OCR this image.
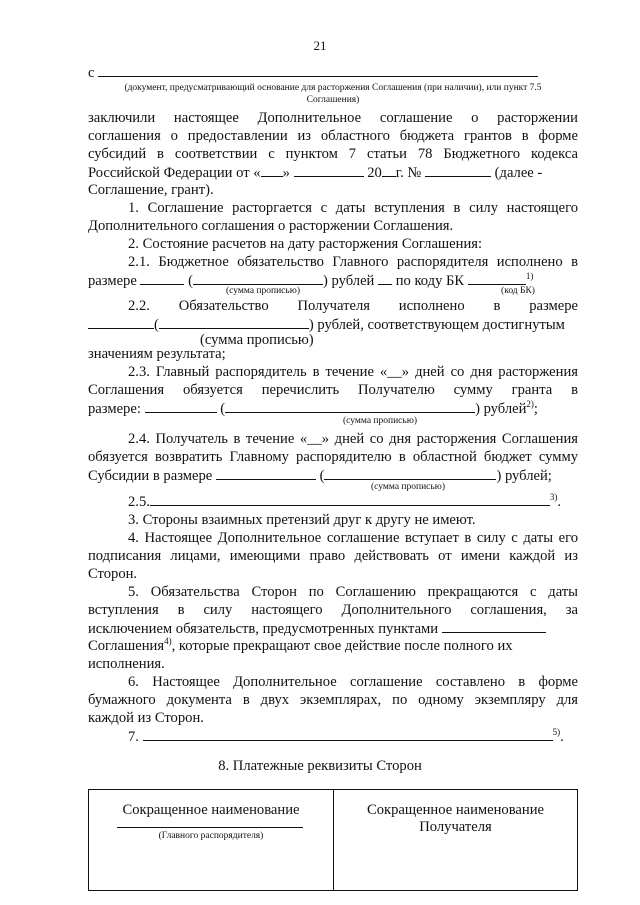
21
с
(документ, предусматривающий основание для расторжения Соглашения (при наличии), или пункт 7.5
Соглашения)
заключили настоящее Дополнительное соглашение о расторжении
соглашения о предоставлении из областного бюджета грантов в форме
субсидий в соответствии с пунктом 7 статьи 78 Бюджетного кодекса
Российской Федерации от « »	20 г. №	(далее -
Соглашение, грант).
1. Соглашение расторгается с даты вступления в силу настоящего
Дополнительного соглашения о расторжении Соглашения.
2. Состояние расчетов на дату расторжения Соглашения:
2.1. Бюджетное обязательство Главного распорядителя исполнено в
размере	(	) рублей по коду БК	$^{1)}$
(сумма прописью)	(код БК)
2.2. Обязательство Получателя исполнено в размере
(	) рублей, соответствующем достигнутым
(сумма прописью)
значениям результата;
2.3. Главный распорядитель в течение «__» дней со дня расторжения
Соглашения обязуется перечислить Получателю сумму гранта в
размере:	(	) рублей$^{2)}$;
(сумма прописью)
2.4. Получатель в течение «__» дней со дня расторжения Соглашения
обязуется возвратить Главному распорядителю в областной бюджет сумму
Субсидии в размере	(	) рублей;
(сумма прописью)
2.5.	$^{3)}$.
3. Стороны взаимных претензий друг к другу не имеют.
4. Настоящее Дополнительное соглашение вступает в силу с даты его
подписания лицами, имеющими право действовать от имени каждой из
Сторон.
5. Обязательства Сторон по Соглашению прекращаются с даты
вступления в силу настоящего Дополнительного соглашения, за
исключением обязательств, предусмотренных пунктами
Соглашения$^{4)}$, которые прекращают свое действие после полного их
исполнения.
6. Настоящее Дополнительное соглашение составлено в форме
бумажного документа в двух экземплярах, по одному экземпляру для
каждой из Сторон.
7.	$^{5)}$.
8. Платежные реквизиты Сторон
Сокращенное наименование
(Главного распорядителя)

Сокращенное наименование
Получателя
